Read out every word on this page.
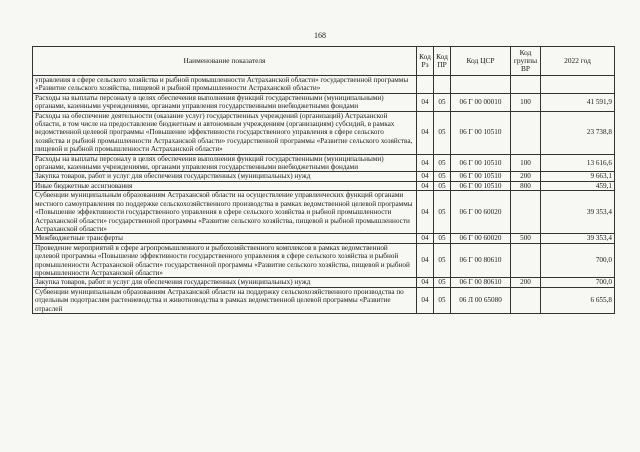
168
Наименование показателя	Код Рз	Код ПР	Код ЦСР	Код группы ВР	2022 год
управления в сфере сельского хозяйства и рыбной промышленности Астраханской области» государственной программы «Развитие сельского хозяйства, пищевой и рыбной промышленности Астраханской области»					
Расходы на выплаты персоналу в целях обеспечения выполнения функций государственными (муниципальными) органами, казенными учреждениями, органами управления государственными внебюджетными фондами	04	05	06 Г 00 00010	100	41 591,9
Расходы на обеспечение деятельности (оказание услуг) государственных учреждений (организаций) Астраханской области, в том числе на предоставление бюджетным и автономным учреждениям (организациям) субсидий, в рамках ведомственной целевой программы «Повышение эффективности государственного управления в сфере сельского хозяйства и рыбной промышленности Астраханской области» государственной программы «Развитие сельского хозяйства, пищевой и рыбной промышленности Астраханской области»	04	05	06 Г 00 10510		23 738,8
Расходы на выплаты персоналу в целях обеспечения выполнения функций государственными (муниципальными) органами, казенными учреждениями, органами управления государственными внебюджетными фондами	04	05	06 Г 00 10510	100	13 616,6
Закупка товаров, работ и услуг для обеспечения государственных (муниципальных) нужд	04	05	06 Г 00 10510	200	9 663,1
Иные бюджетные ассигнования	04	05	06 Г 00 10510	800	459,1
Субвенции муниципальным образованиям Астраханской области на осуществление управленческих функций органами местного самоуправления по поддержке сельскохозяйственного производства в рамках ведомственной целевой программы «Повышение эффективности государственного управления в сфере сельского хозяйства и рыбной промышленности Астраханской области» государственной программы «Развитие сельского хозяйства, пищевой и рыбной промышленности Астраханской области»	04	05	06 Г 00 60020		39 353,4
Межбюджетные трансферты	04	05	06 Г 00 60020	500	39 353,4
Проведение мероприятий в сфере агропромышленного и рыбохозяйственного комплексов в рамках ведомственной целевой программы «Повышение эффективности государственного управления в сфере сельского хозяйства и рыбной промышленности Астраханской области» государственной программы «Развитие сельского хозяйства, пищевой и рыбной промышленности Астраханской области»	04	05	06 Г 00 80610		700,0
Закупка товаров, работ и услуг для обеспечения государственных (муниципальных) нужд	04	05	06 Г 00 80610	200	700,0
Субвенции муниципальным образованиям Астраханской области на поддержку сельскохозяйственного производства по отдельным подотраслям растениеводства и животноводства в рамках ведомственной целевой программы «Развитие отраслей	04	05	06 Л 00 65080		6 655,8
